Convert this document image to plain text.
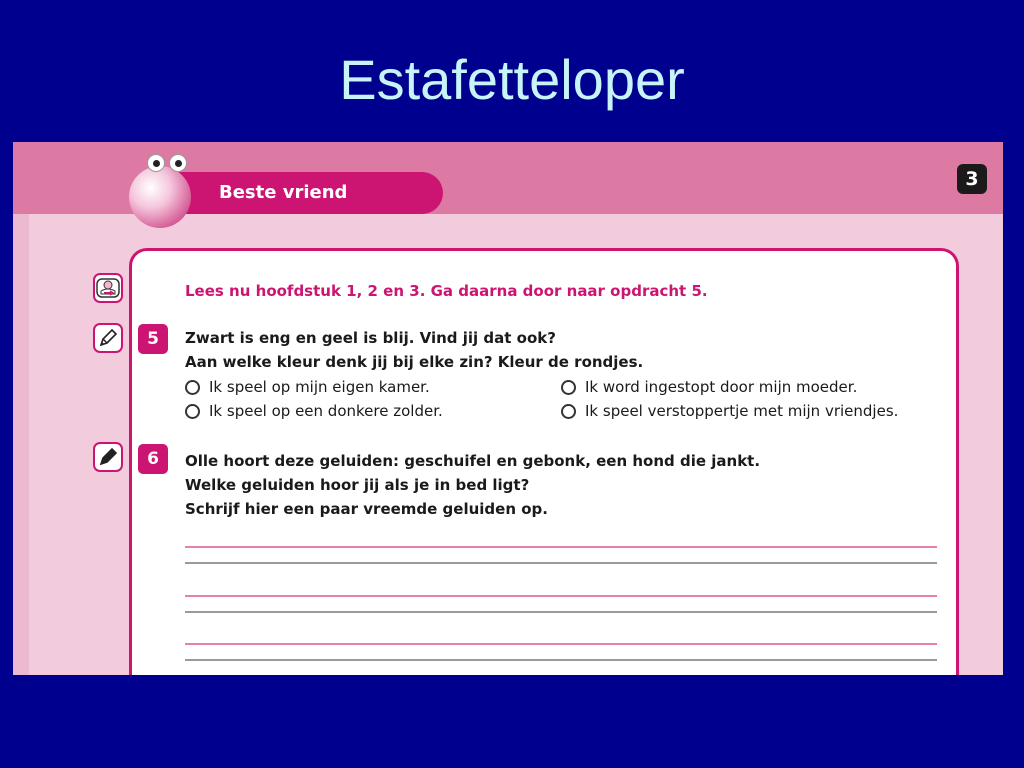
Estafetteloper
Beste vriend
3
Lees nu hoofdstuk 1, 2 en 3. Ga daarna door naar opdracht 5.
5	Zwart is eng en geel is blij. Vind jij dat ook?
Aan welke kleur denk jij bij elke zin? Kleur de rondjes.
Ik speel op mijn eigen kamer.	Ik word ingestopt door mijn moeder.
Ik speel op een donkere zolder.	Ik speel verstoppertje met mijn vriendjes.
6	Olle hoort deze geluiden: geschuifel en gebonk, een hond die jankt.
Welke geluiden hoor jij als je in bed ligt?
Schrijf hier een paar vreemde geluiden op.
